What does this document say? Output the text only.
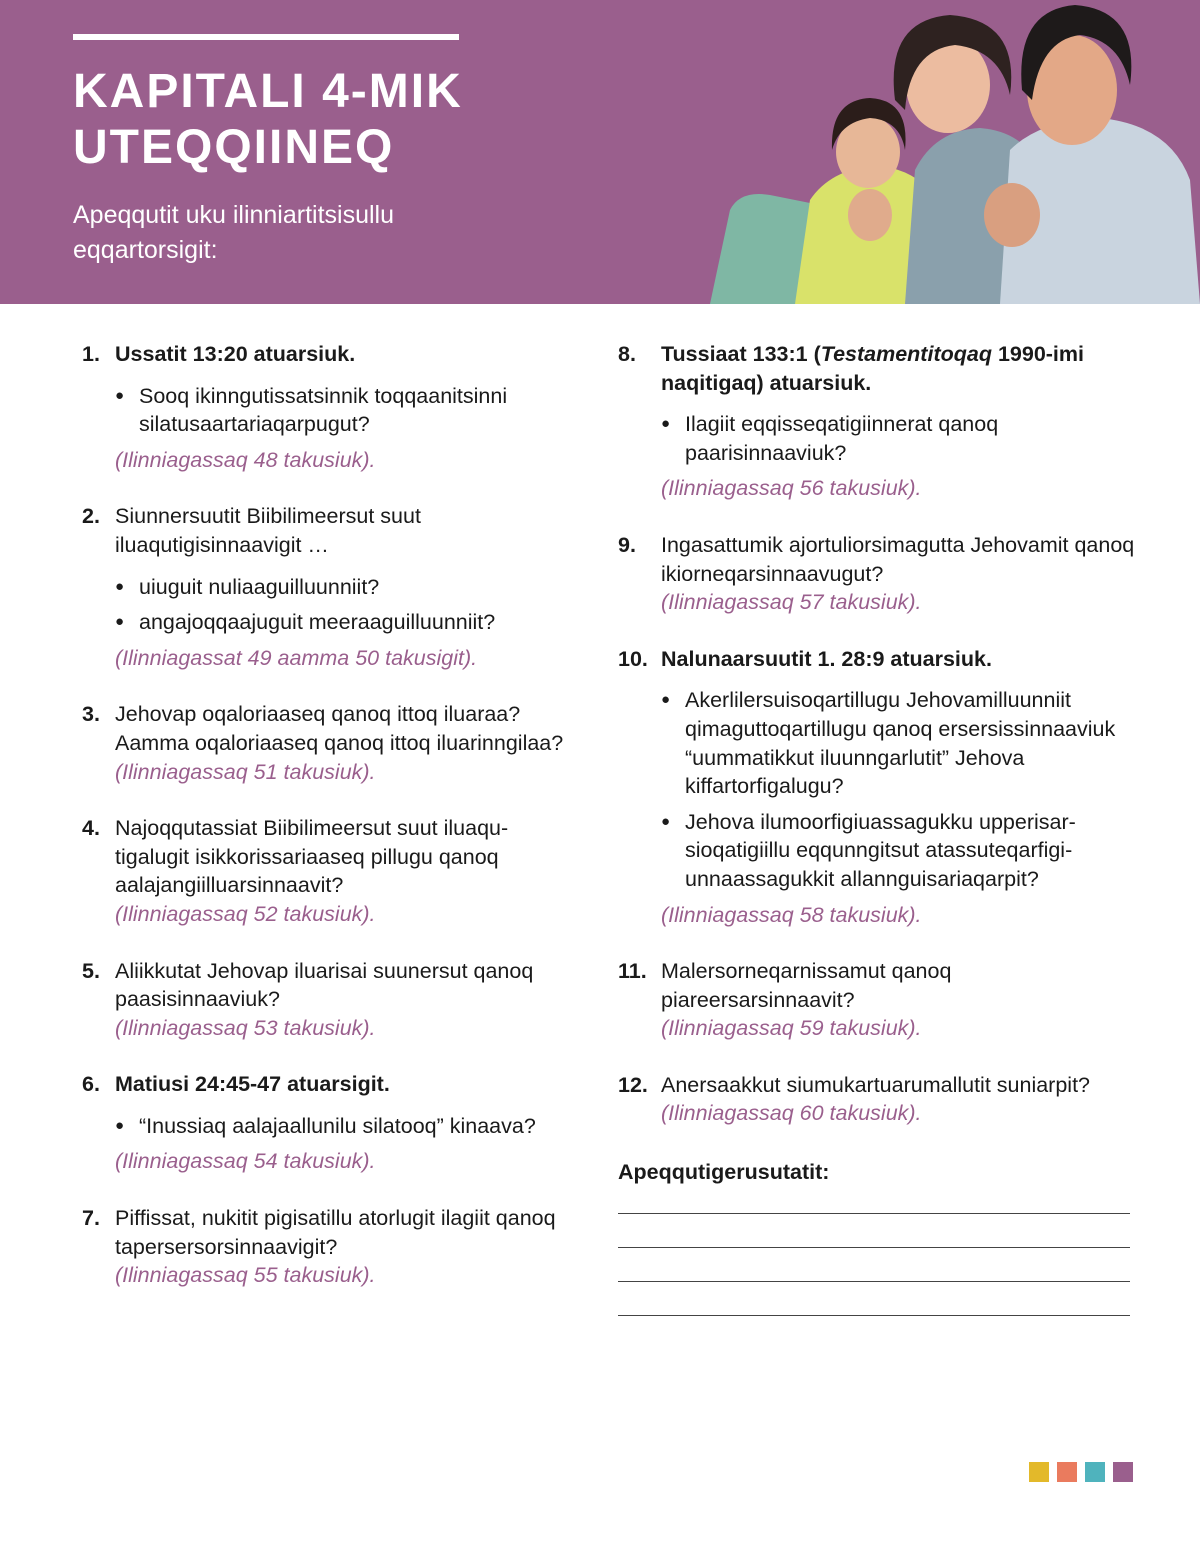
KAPITALI 4-MIK
UTEQQIINEQ
Apeqqutit uku ilinniartitsisullu eqqartorsigit:
1. Ussatit 13:20 atuarsiuk.
● Sooq ikinngutissatsinnik toqqaanitsinni silatusaartariaqarpugut?
(Ilinniagassaq 48 takusiuk).
2. Siunnersuutit Biibilimeersut suut iluaqutigisinnaavigit …
● uiuguit nuliaaguilluunniit?
● angajoqqaajuguit meeraaguilluunniit?
(Ilinniagassat 49 aamma 50 takusigit).
3. Jehovap oqaloriaaseq qanoq ittoq iluaraa? Aamma oqaloriaaseq qanoq ittoq iluarinngilaa?
(Ilinniagassaq 51 takusiuk).
4. Najoqqutassiat Biibilimeersut suut iluaqutigalugit isikkorissariaaseq pillugu qanoq aalajangiilluarsinnaavit?
(Ilinniagassaq 52 takusiuk).
5. Aliikkutat Jehovap iluarisai suunersut qanoq paasisinnaaviuk?
(Ilinniagassaq 53 takusiuk).
6. Matiusi 24:45-47 atuarsigit.
● “Inussiaq aalajaallunilu silatooq” kinaava?
(Ilinniagassaq 54 takusiuk).
7. Piffissat, nukitit pigisatillu atorlugit ilagiit qanoq tapersersorsinnaavigit?
(Ilinniagassaq 55 takusiuk).
8. Tussiaat 133:1 (Testamentitoqaq 1990-imi naqitigaq) atuarsiuk.
● Ilagiit eqqisseqatigiinnerat qanoq paarisinnaaviuk?
(Ilinniagassaq 56 takusiuk).
9. Ingasattumik ajortuliorsimagutta Jehovamit qanoq ikiorneqarsinnaavugut?
(Ilinniagassaq 57 takusiuk).
10. Nalunaarsuutit 1. 28:9 atuarsiuk.
● Akerlilersuisoqartillugu Jehovamilluunniit qimaguttoqartillugu qanoq ersersissinnaaviuk “uummatikkut iluunngarlutit” Jehova kiffartorfigalugu?
● Jehova ilumoorfigiuassagukku upperisarsioqatigiillu eqqunngitsut atassuteqarfigiunnaassagukkit allannguisariaqarpit?
(Ilinniagassaq 58 takusiuk).
11. Malersorneqarnissamut qanoq piareersarsinnaavit?
(Ilinniagassaq 59 takusiuk).
12. Anersaakkut siumukartuarumallutit suniarpit?
(Ilinniagassaq 60 takusiuk).
Apeqqutigerusutatit:
